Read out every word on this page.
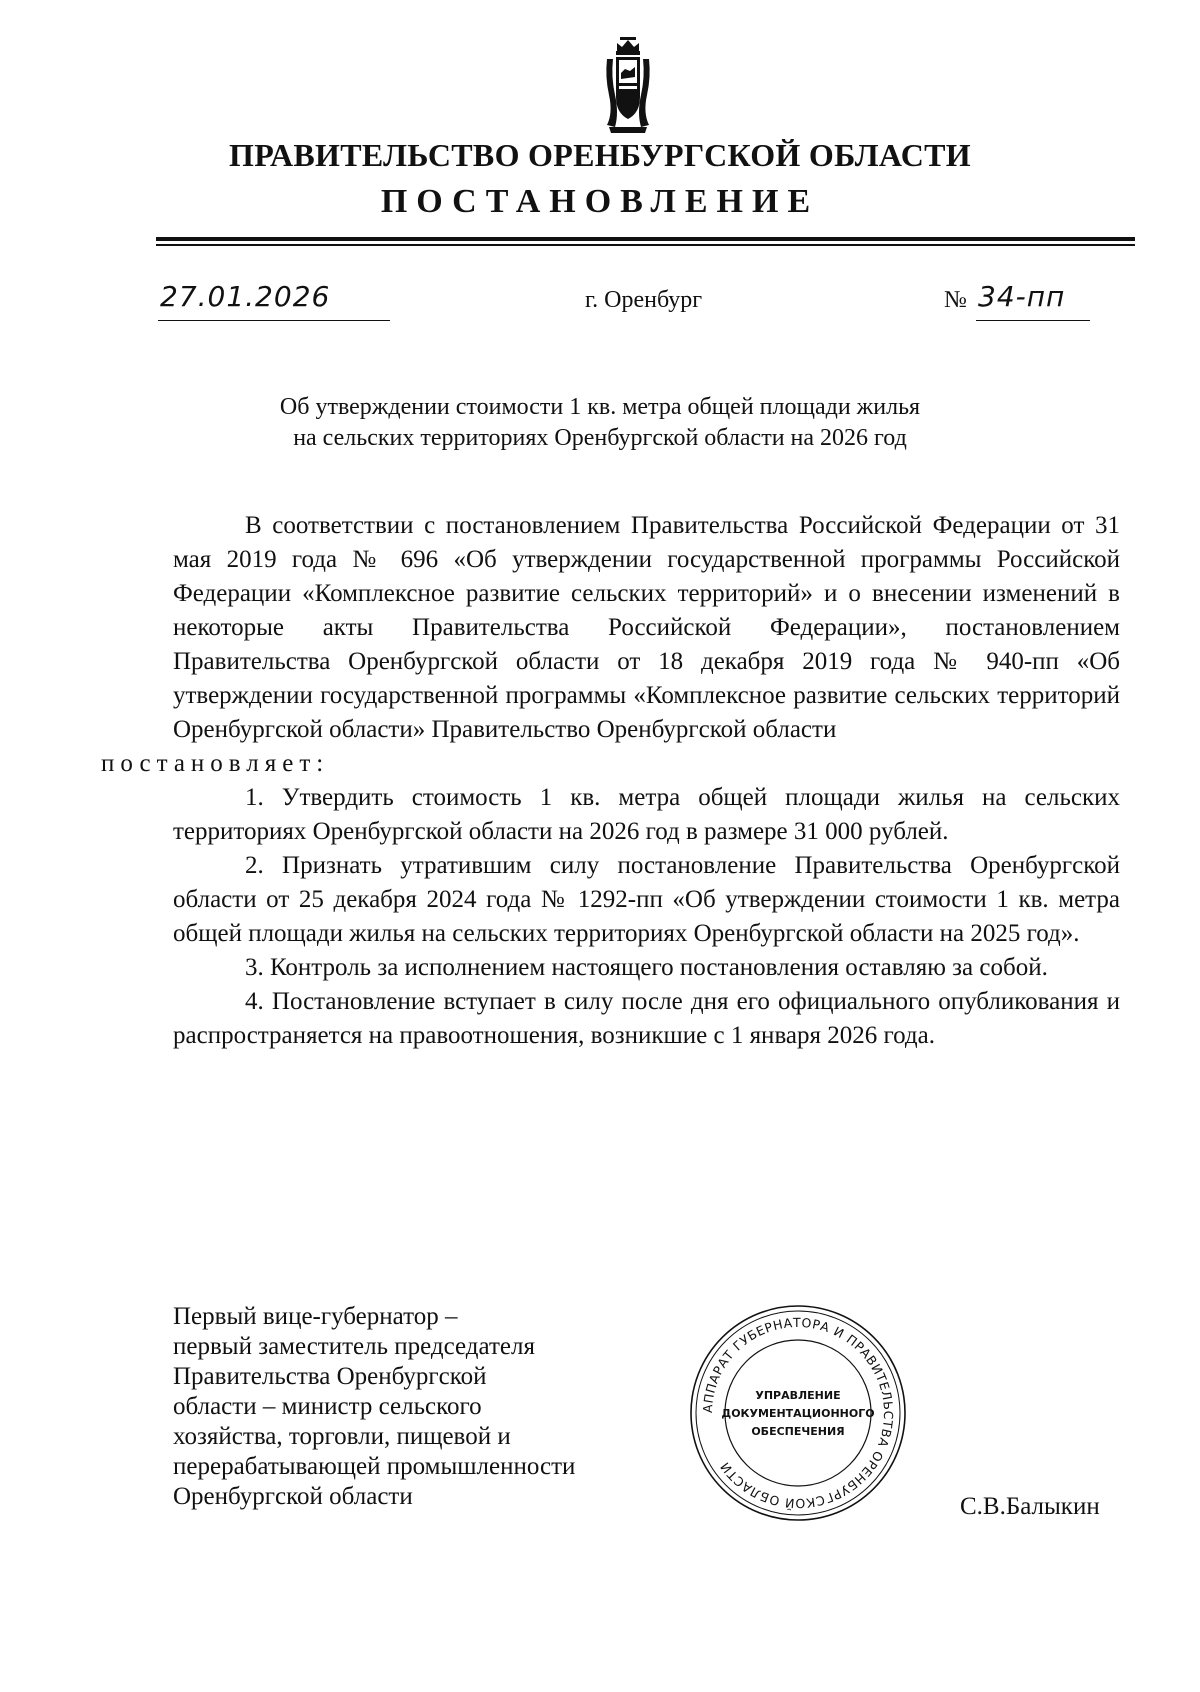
ПРАВИТЕЛЬСТВО ОРЕНБУРГСКОЙ ОБЛАСТИ
ПОСТАНОВЛЕНИЕ
27.01.2026	г. Оренбург	№ 34-пп
Об утверждении стоимости 1 кв. метра общей площади жилья
на сельских территориях Оренбургской области на 2026 год

В соответствии с постановлением Правительства Российской Федерации от 31 мая 2019 года № 696 «Об утверждении государственной программы Российской Федерации «Комплексное развитие сельских территорий» и о внесении изменений в некоторые акты Правительства Российской Федерации», постановлением Правительства Оренбургской области от 18 декабря 2019 года № 940-пп «Об утверждении государственной программы «Комплексное развитие сельских территорий Оренбургской области» Правительство Оренбургской области
постановляет:

1. Утвердить стоимость 1 кв. метра общей площади жилья на сельских территориях Оренбургской области на 2026 год в размере 31 000 рублей.

2. Признать утратившим силу постановление Правительства Оренбургской области от 25 декабря 2024 года № 1292-пп «Об утверждении стоимости 1 кв. метра общей площади жилья на сельских территориях Оренбургской области на 2025 год».

3. Контроль за исполнением настоящего постановления оставляю за собой.

4. Постановление вступает в силу после дня его официального опубликования и распространяется на правоотношения, возникшие с 1 января 2026 года.

Первый вице-губернатор –
первый заместитель председателя
Правительства Оренбургской
области – министр сельского
хозяйства, торговли, пищевой и
перерабатывающей промышленности
Оренбургской области
АППАРАТ ГУБЕРНАТОРА И ПРАВИТЕЛЬСТВА ОРЕНБУРГСКОЙ ОБЛАСТИ
УПРАВЛЕНИЕ
ДОКУМЕНТАЦИОННОГО
ОБЕСПЕЧЕНИЯ
С.В.Балыкин
